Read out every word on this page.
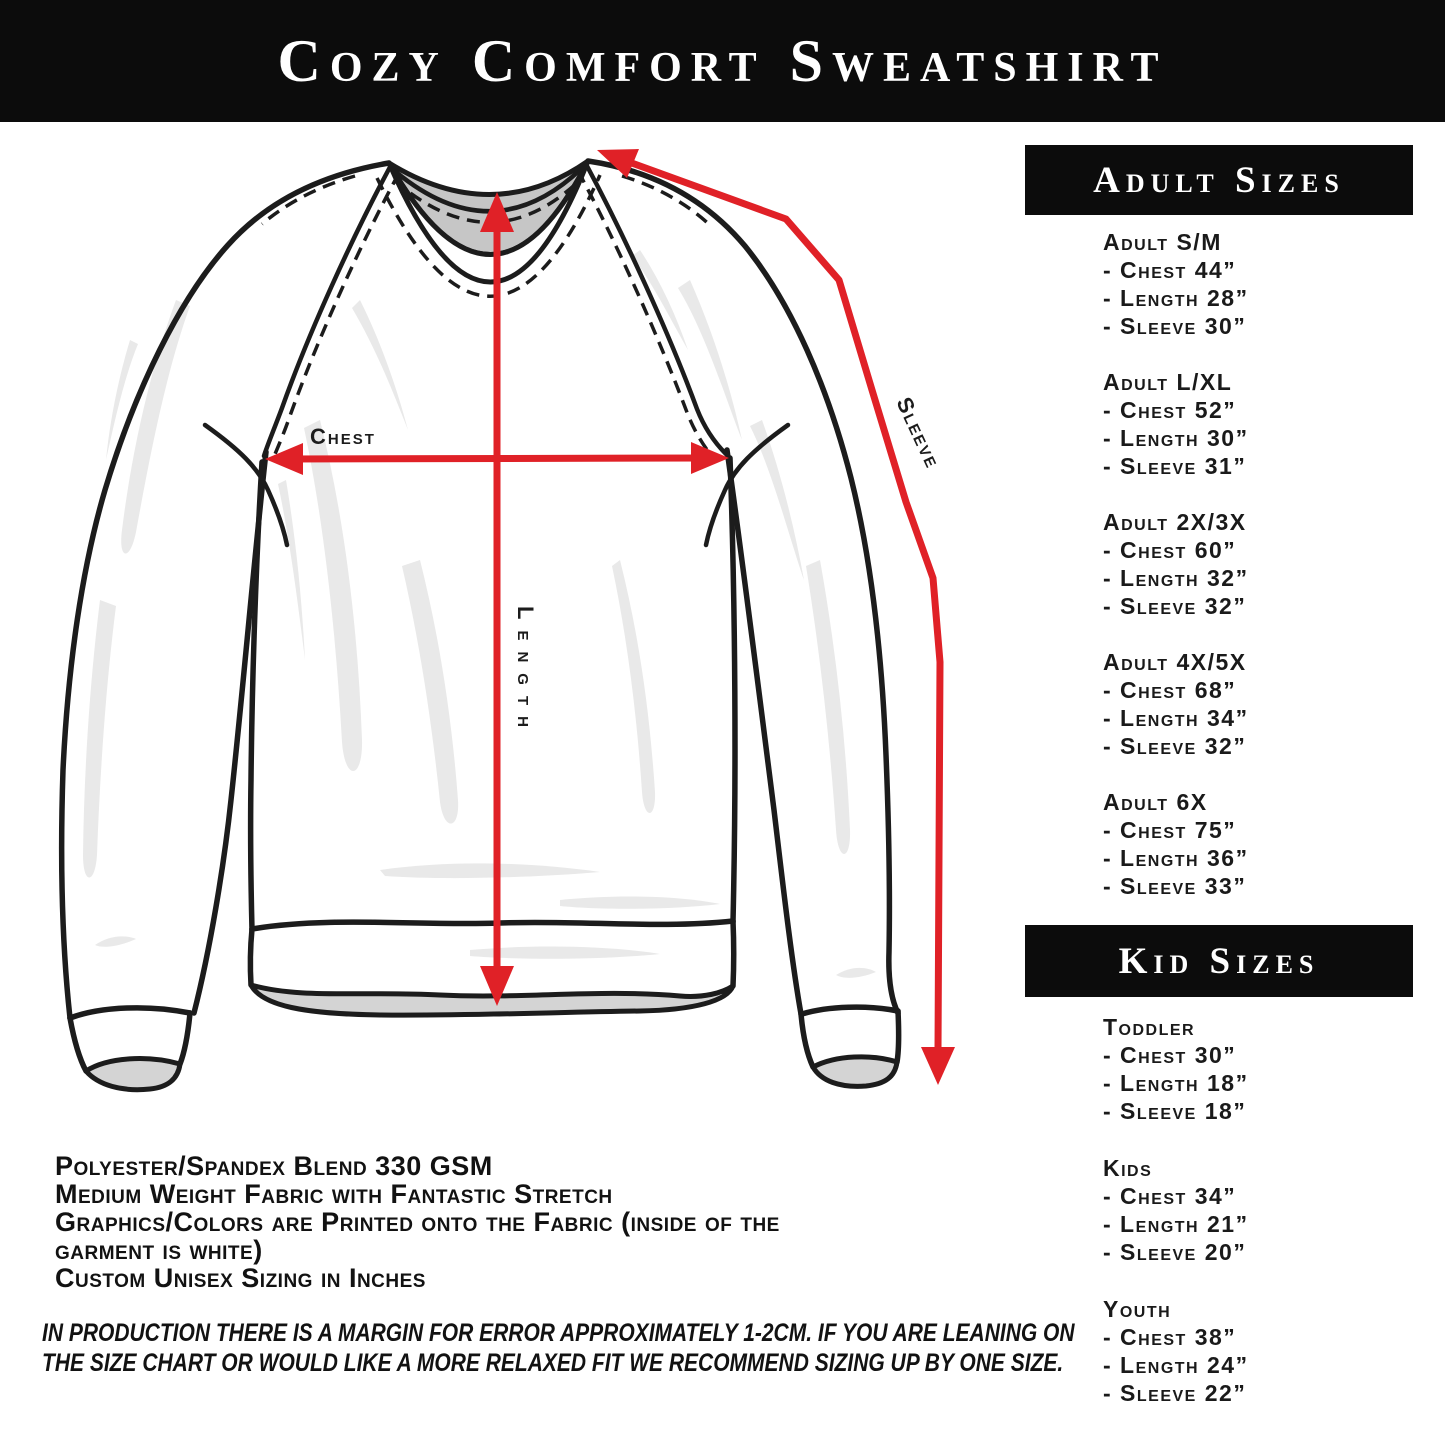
Cozy Comfort Sweatshirt
Chest
Length
Sleeve
Adult Sizes
Adult S/M
- Chest 44”
- Length 28”
- Sleeve 30”
Adult L/XL
- Chest 52”
- Length 30”
- Sleeve 31”
Adult 2X/3X
- Chest 60”
- Length 32”
- Sleeve 32”
Adult 4X/5X
- Chest 68”
- Length 34”
- Sleeve 32”
Adult 6X
- Chest 75”
- Length 36”
- Sleeve 33”
Kid Sizes
Toddler
- Chest 30”
- Length 18”
- Sleeve 18”
Kids
- Chest 34”
- Length 21”
- Sleeve 20”
Youth
- Chest 38”
- Length 24”
- Sleeve 22”
Polyester/Spandex Blend 330 GSM
Medium Weight Fabric with Fantastic Stretch
Graphics/Colors are Printed onto the Fabric (inside of the
garment is white)
Custom Unisex Sizing in Inches
IN PRODUCTION THERE IS A MARGIN FOR ERROR APPROXIMATELY 1-2CM. IF YOU ARE LEANING ON
THE SIZE CHART OR WOULD LIKE A MORE RELAXED FIT WE RECOMMEND SIZING UP BY ONE SIZE.
